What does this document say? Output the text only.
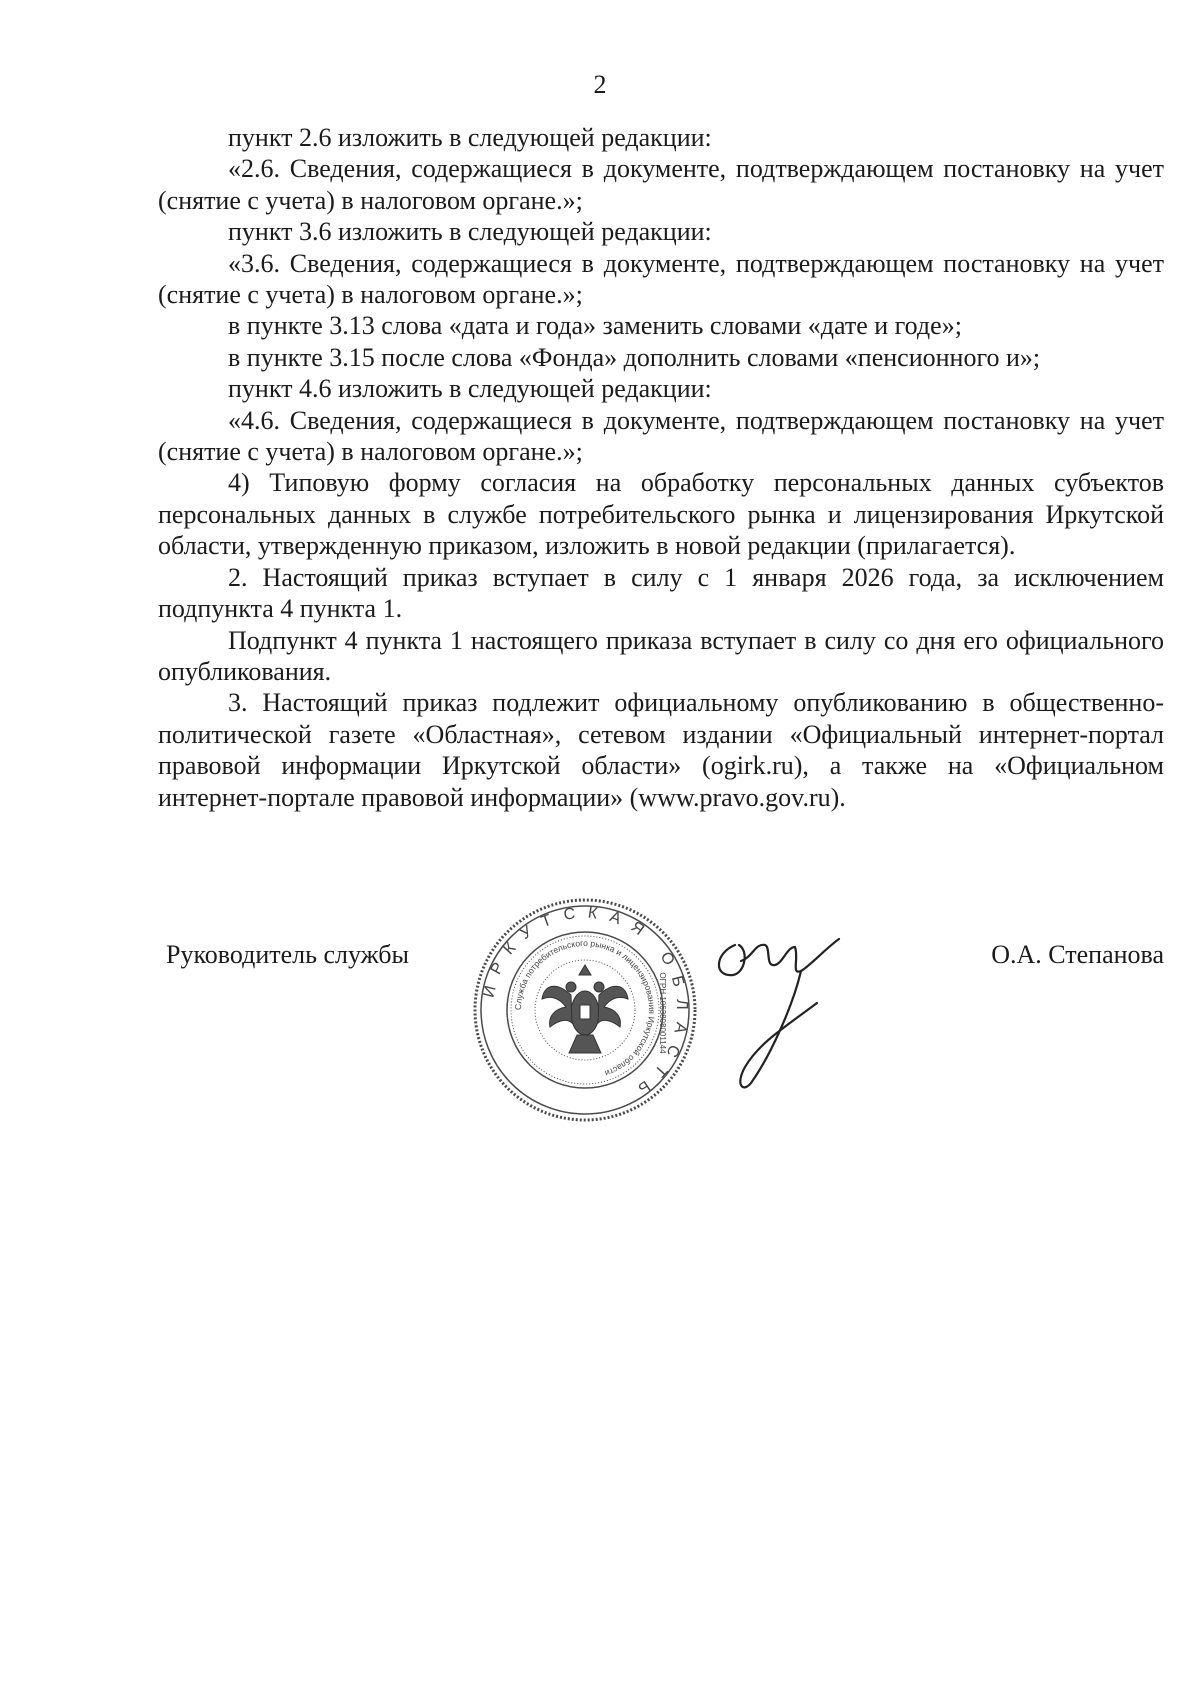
2

пункт 2.6 изложить в следующей редакции:

«2.6. Сведения, содержащиеся в документе, подтверждающем постановку на учет (снятие с учета) в налоговом органе.»;

пункт 3.6 изложить в следующей редакции:

«3.6. Сведения, содержащиеся в документе, подтверждающем постановку на учет (снятие с учета) в налоговом органе.»;

в пункте 3.13 слова «дата и года» заменить словами «дате и годе»;

в пункте 3.15 после слова «Фонда» дополнить словами «пенсионного и»;

пункт 4.6 изложить в следующей редакции:

«4.6. Сведения, содержащиеся в документе, подтверждающем постановку на учет (снятие с учета) в налоговом органе.»;

4) Типовую форму согласия на обработку персональных данных субъектов персональных данных в службе потребительского рынка и лицензирования Иркутской области, утвержденную приказом, изложить в новой редакции (прилагается).

2. Настоящий приказ вступает в силу с 1 января 2026 года, за исключением подпункта 4 пункта 1.

Подпункт 4 пункта 1 настоящего приказа вступает в силу со дня его официального опубликования.

3. Настоящий приказ подлежит официальному опубликованию в общественно-политической газете «Областная», сетевом издании «Официальный интернет-портал правовой информации Иркутской области» (ogirk.ru), а также на «Официальном интернет-портале правовой информации» (www.pravo.gov.ru).

Руководитель службы	О.А. Степанова
ИРКУТСКАЯ ОБЛАСТЬ
Служба потребительского рынка и лицензирования Иркутской области
ОГРН 1063808001144
